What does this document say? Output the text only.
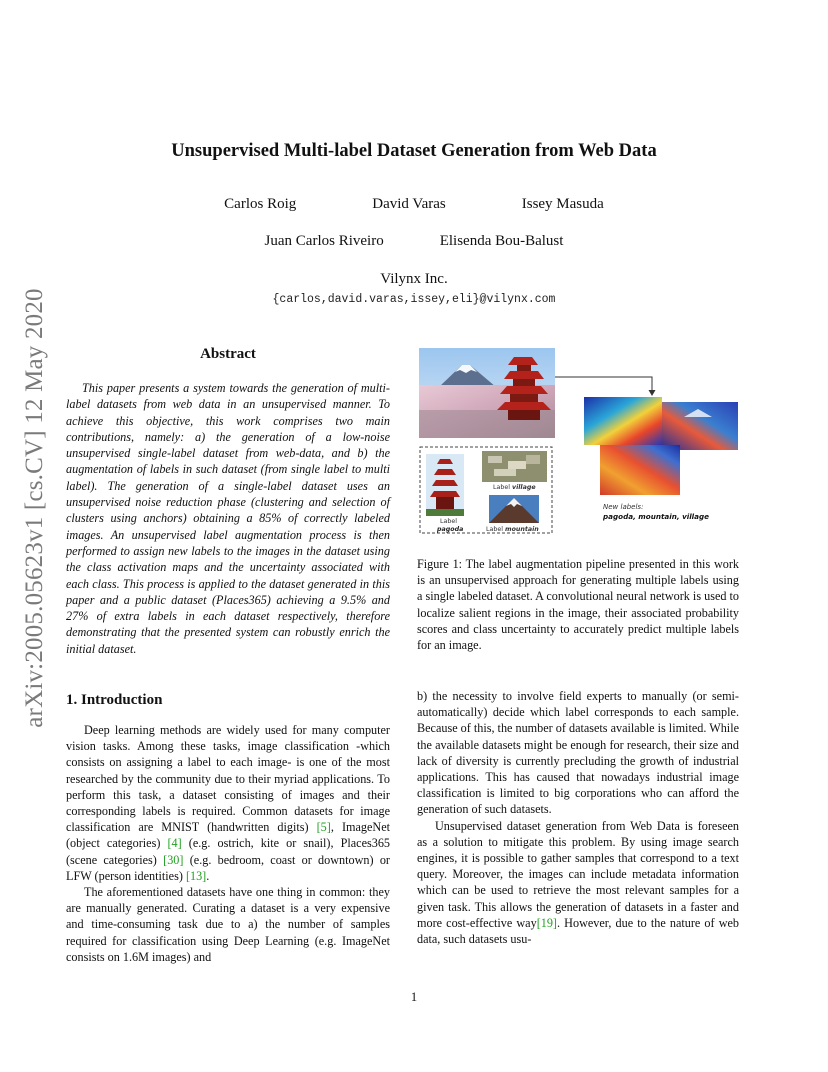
arXiv:2005.05623v1 [cs.CV] 12 May 2020
Unsupervised Multi-label Dataset Generation from Web Data
Carlos Roig	David Varas	Issey Masuda
Juan Carlos Riveiro	Elisenda Bou-Balust
Vilynx Inc.
{carlos,david.varas,issey,eli}@vilynx.com
Abstract

This paper presents a system towards the generation of multi-label datasets from web data in an unsupervised manner. To achieve this objective, this work comprises two main contributions, namely: a) the generation of a low-noise unsupervised single-label dataset from web-data, and b) the augmentation of labels in such dataset (from single label to multi label). The generation of a single-label dataset uses an unsupervised noise reduction phase (clustering and selection of clusters using anchors) obtaining a 85% of correctly labeled images. An unsupervised label augmentation process is then performed to assign new labels to the images in the dataset using the class activation maps and the uncertainty associated with each class. This process is applied to the dataset generated in this paper and a public dataset (Places365) achieving a 9.5% and 27% of extra labels in each dataset respectively, therefore demonstrating that the presented system can robustly enrich the initial dataset.

Label village
Label
pagoda	Label mountain
New labels:
pagoda, mountain, village

Figure 1: The label augmentation pipeline presented in this work is an unsupervised approach for generating multiple labels using a single labeled dataset. A convolutional neural network is used to localize salient regions in the image, their associated probability scores and class uncertainty to accurately predict multiple labels for an image.

1. Introduction

Deep learning methods are widely used for many computer vision tasks. Among these tasks, image classification -which consists on assigning a label to each image- is one of the most researched by the community due to their myriad applications. To perform this task, a dataset consisting of images and their corresponding labels is required. Common datasets for image classification are MNIST (handwritten digits) [5], ImageNet (object categories) [4] (e.g. ostrich, kite or snail), Places365 (scene categories) [30] (e.g. bedroom, coast or downtown) or LFW (person identities) [13].

The aforementioned datasets have one thing in common: they are manually generated. Curating a dataset is a very expensive and time-consuming task due to a) the number of samples required for classification using Deep Learning (e.g. ImageNet consists on 1.6M images) and

b) the necessity to involve field experts to manually (or semi-automatically) decide which label corresponds to each sample. Because of this, the number of datasets available is limited. While the available datasets might be enough for research, their size and lack of diversity is currently precluding the growth of industrial applications. This has caused that nowadays industrial image classification is limited to big corporations who can afford the generation of such datasets.

Unsupervised dataset generation from Web Data is foreseen as a solution to mitigate this problem. By using image search engines, it is possible to gather samples that correspond to a text query. Moreover, the images can include metadata information which can be used to retrieve the most relevant samples for a given task. This allows the generation of datasets in a faster and more cost-effective way[19]. However, due to the nature of web data, such datasets usu-

1
